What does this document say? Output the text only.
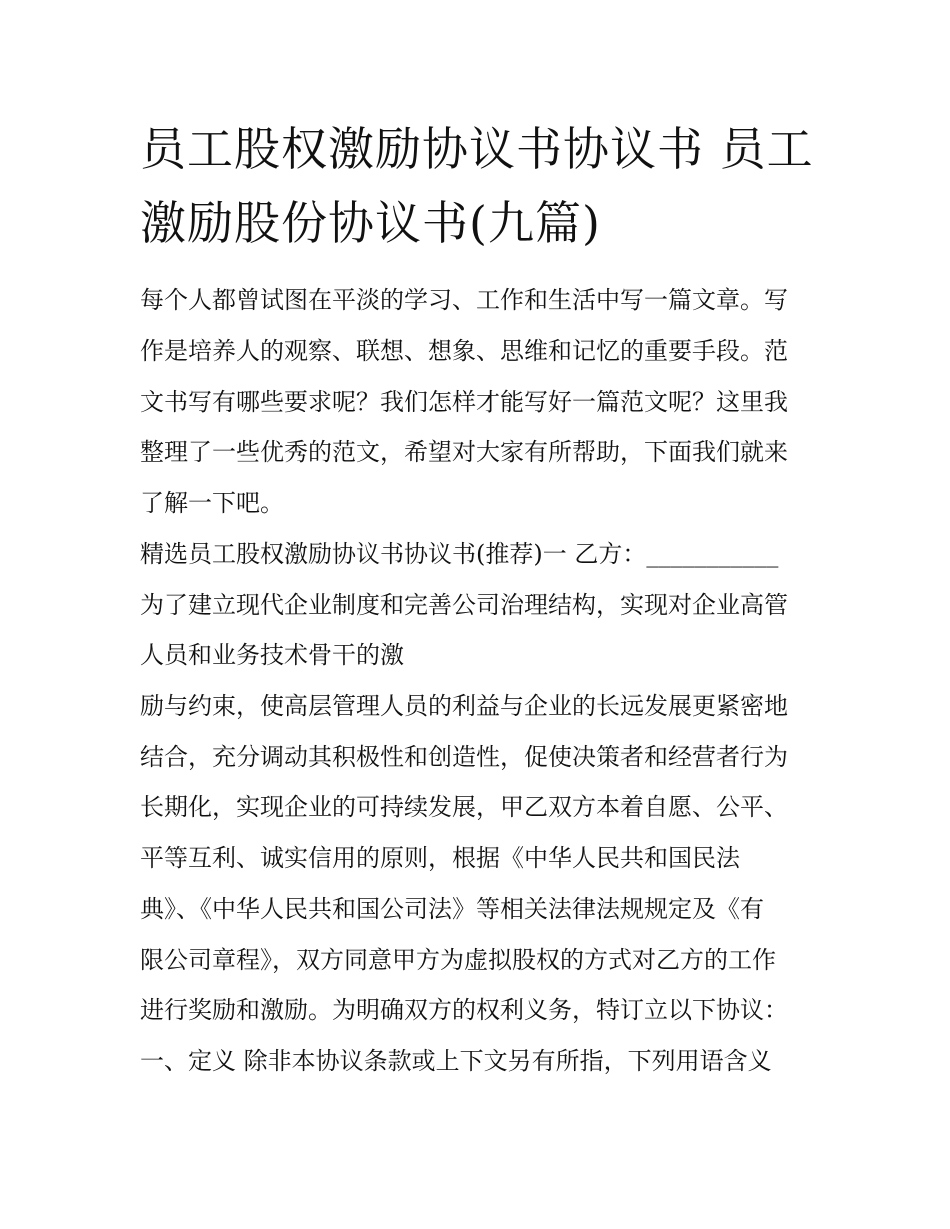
员工股权激励协议书协议书 员工激励股份协议书(九篇)

每个人都曾试图在平淡的学习、工作和生活中写一篇文章。写

作是培养人的观察、联想、想象、思维和记忆的重要手段。范

文书写有哪些要求呢？我们怎样才能写好一篇范文呢？这里我

整理了一些优秀的范文，希望对大家有所帮助，下面我们就来

了解一下吧。

精选员工股权激励协议书协议书(推荐)一 乙方：___________

为了建立现代企业制度和完善公司治理结构，实现对企业高管

人员和业务技术骨干的激

励与约束，使高层管理人员的利益与企业的长远发展更紧密地

结合，充分调动其积极性和创造性，促使决策者和经营者行为

长期化，实现企业的可持续发展，甲乙双方本着自愿、公平、

平等互利、诚实信用的原则，根据《中华人民共和国民法

典》、《中华人民共和国公司法》等相关法律法规规定及《有

限公司章程》，双方同意甲方为虚拟股权的方式对乙方的工作

进行奖励和激励。为明确双方的权利义务，特订立以下协议：

一、定义 除非本协议条款或上下文另有所指，下列用语含义
